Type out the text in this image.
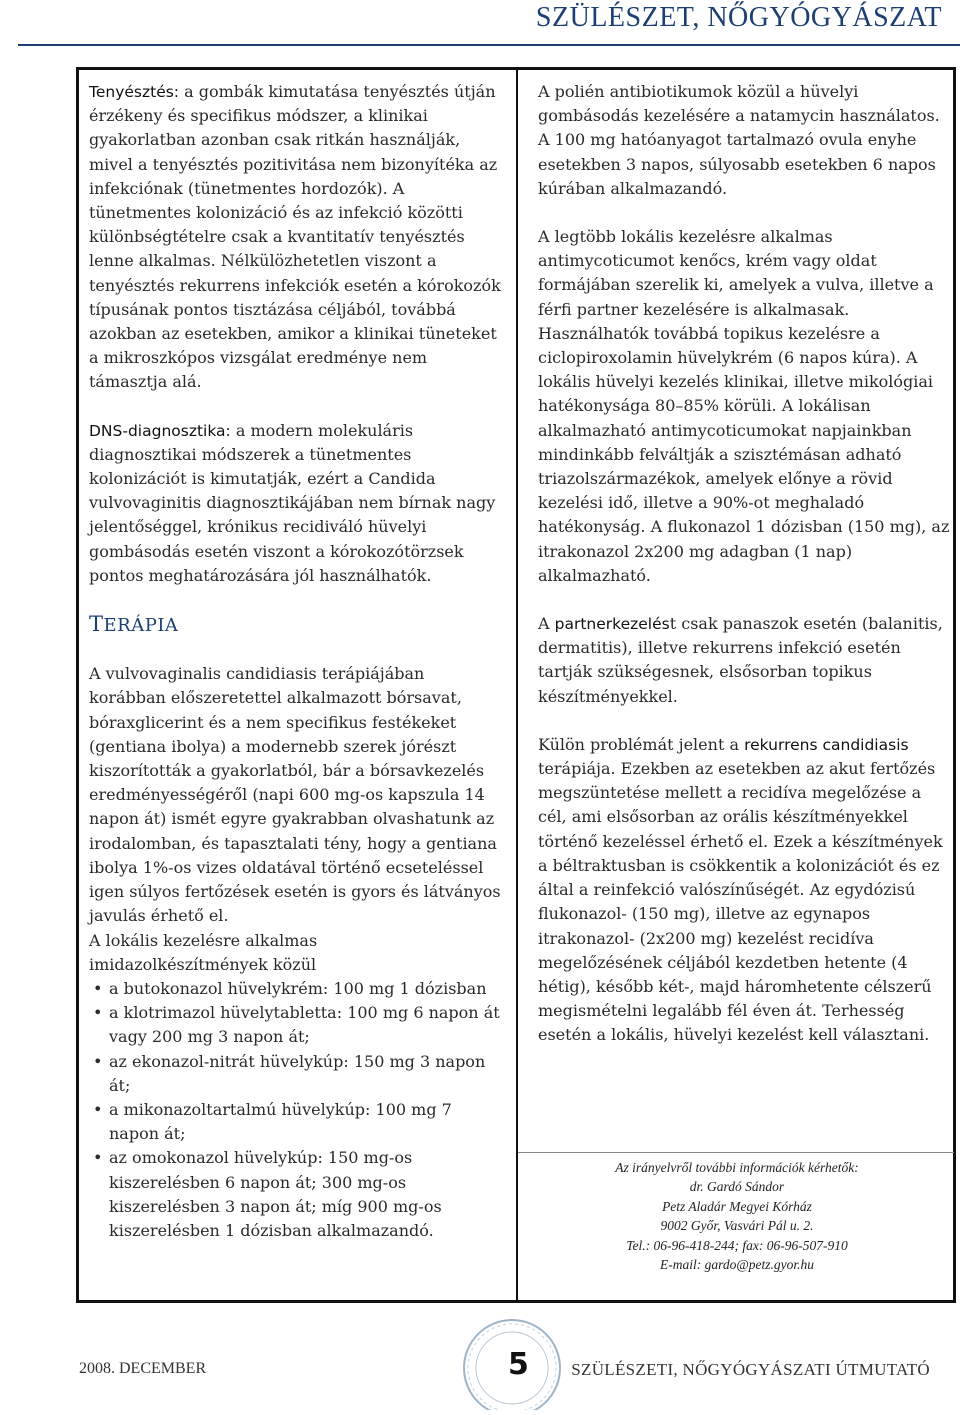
SZÜLÉSZET, NŐGYÓGYÁSZAT

Tenyésztés: a gombák kimutatása tenyésztés útján érzékeny és specifikus módszer, a klinikai gyakorlatban azonban csak ritkán használják, mivel a tenyésztés pozitivitása nem bizonyítéka az infekciónak (tünetmentes hordozók). A tünetmentes kolonizáció és az infekció közötti különbségtételre csak a kvantitatív tenyésztés lenne alkalmas. Nélkülözhetetlen viszont a tenyésztés rekurrens infekciók esetén a kórokozók típusának pontos tisztázása céljából, továbbá azokban az esetekben, amikor a klinikai tüneteket a mikroszkópos vizsgálat eredménye nem támasztja alá.

DNS-diagnosztika: a modern molekuláris diagnosztikai módszerek a tünetmentes kolonizációt is kimutatják, ezért a Candida vulvovaginitis diagnosztikájában nem bírnak nagy jelentőséggel, krónikus recidiváló hüvelyi gombásodás esetén viszont a kórokozótörzsek pontos meghatározására jól használhatók.

TERÁPIA

A vulvovaginalis candidiasis terápiájában korábban előszeretettel alkalmazott bórsavat, bóraxglicerint és a nem specifikus festékeket (gentiana ibolya) a modernebb szerek jórészt kiszorították a gyakorlatból, bár a bórsavkezelés eredményességéről (napi 600 mg-os kapszula 14 napon át) ismét egyre gyakrabban olvashatunk az irodalomban, és tapasztalati tény, hogy a gentiana ibolya 1%-os vizes oldatával történő ecseteléssel igen súlyos fertőzések esetén is gyors és látványos javulás érhető el.

A lokális kezelésre alkalmas imidazolkészítmények közül

• a butokonazol hüvelykrém: 100 mg 1 dózisban
• a klotrimazol hüvelytabletta: 100 mg 6 napon át vagy 200 mg 3 napon át;
• az ekonazol-nitrát hüvelykúp: 150 mg 3 napon át;
• a mikonazoltartalmú hüvelykúp: 100 mg 7 napon át;
• az omokonazol hüvelykúp: 150 mg-os kiszerelésben 6 napon át; 300 mg-os kiszerelésben 3 napon át; míg 900 mg-os kiszerelésben 1 dózisban alkalmazandó.

A polién antibiotikumok közül a hüvelyi gombásodás kezelésére a natamycin használatos. A 100 mg hatóanyagot tartalmazó ovula enyhe esetekben 3 napos, súlyosabb esetekben 6 napos kúrában alkalmazandó.

A legtöbb lokális kezelésre alkalmas antimycoticumot kenőcs, krém vagy oldat formájában szerelik ki, amelyek a vulva, illetve a férfi partner kezelésére is alkalmasak. Használhatók továbbá topikus kezelésre a ciclopiroxolamin hüvelykrém (6 napos kúra). A lokális hüvelyi kezelés klinikai, illetve mikológiai hatékonysága 80–85% körüli. A lokálisan alkalmazható antimycoticumokat napjainkban mindinkább felváltják a szisztémásan adható triazolszármazékok, amelyek előnye a rövid kezelési idő, illetve a 90%-ot meghaladó hatékonyság. A flukonazol 1 dózisban (150 mg), az itrakonazol 2x200 mg adagban (1 nap) alkalmazható.

A partnerkezelést csak panaszok esetén (balanitis, dermatitis), illetve rekurrens infekció esetén tartják szükségesnek, elsősorban topikus készítményekkel.

Külön problémát jelent a rekurrens candidiasis terápiája. Ezekben az esetekben az akut fertőzés megszüntetése mellett a recidíva megelőzése a cél, ami elsősorban az orális készítményekkel történő kezeléssel érhető el. Ezek a készítmények a béltraktusban is csökkentik a kolonizációt és ez által a reinfekció valószínűségét. Az egydózisú flukonazol- (150 mg), illetve az egynapos itrakonazol- (2x200 mg) kezelést recidíva megelőzésének céljából kezdetben hetente (4 hétig), később két-, majd háromhetente célszerű megismételni legalább fél éven át. Terhesség esetén a lokális, hüvelyi kezelést kell választani.

Az irányelvről további információk kérhetők:
dr. Gardó Sándor
Petz Aladár Megyei Kórház
9002 Győr, Vasvári Pál u. 2.
Tel.: 06-96-418-244; fax: 06-96-507-910
E-mail: gardo@petz.gyor.hu
2008. DECEMBER	5 SZÜLÉSZETI, NŐGYÓGYÁSZATI ÚTMUTATÓ
